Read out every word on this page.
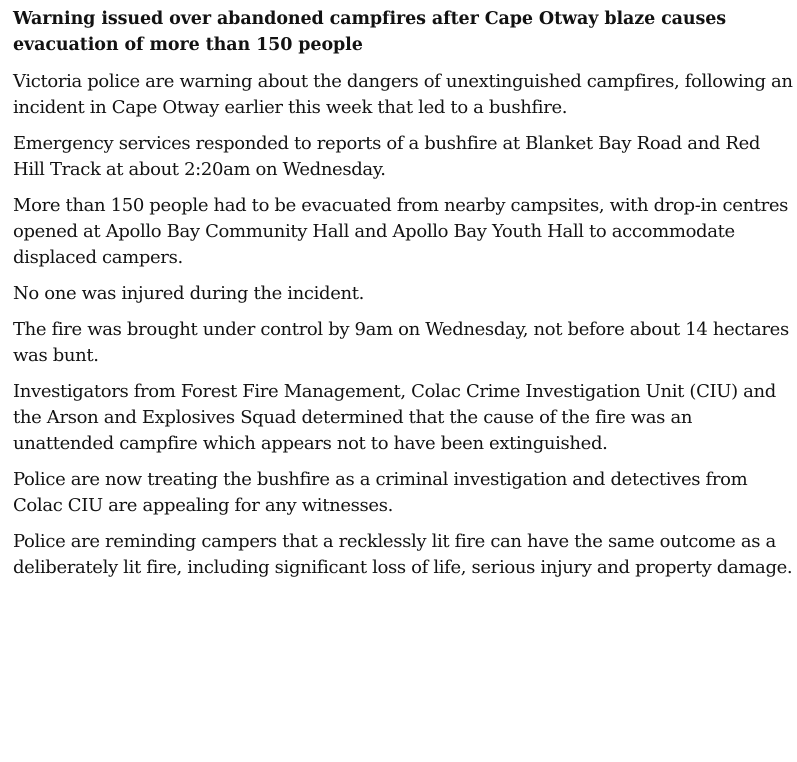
Warning issued over abandoned campfires after Cape Otway blaze causes evacuation of more than 150 people

Victoria police are warning about the dangers of unextinguished campfires, following an incident in Cape Otway earlier this week that led to a bushfire.

Emergency services responded to reports of a bushfire at Blanket Bay Road and Red Hill Track at about 2:20am on Wednesday.

More than 150 people had to be evacuated from nearby campsites, with drop-in centres opened at Apollo Bay Community Hall and Apollo Bay Youth Hall to accommodate displaced campers.

No one was injured during the incident.

The fire was brought under control by 9am on Wednesday, not before about 14 hectares was bunt.

Investigators from Forest Fire Management, Colac Crime Investigation Unit (CIU) and the Arson and Explosives Squad determined that the cause of the fire was an unattended campfire which appears not to have been extinguished.

Police are now treating the bushfire as a criminal investigation and detectives from Colac CIU are appealing for any witnesses.

Police are reminding campers that a recklessly lit fire can have the same outcome as a deliberately lit fire, including significant loss of life, serious injury and property damage.
